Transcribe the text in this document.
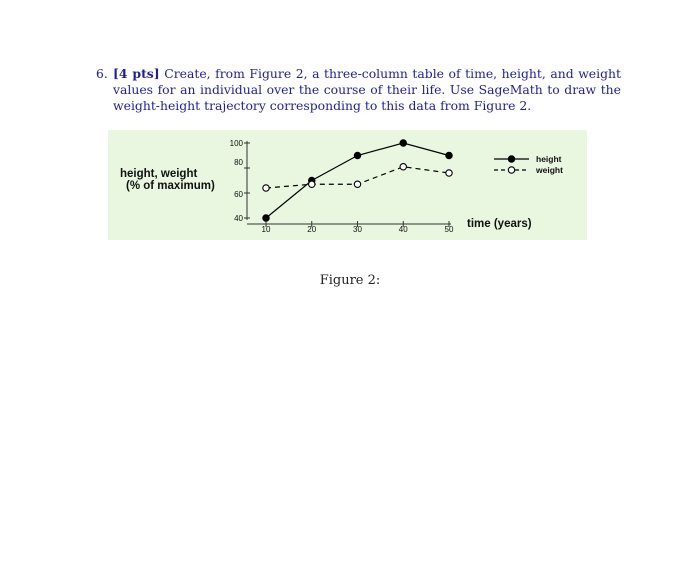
6. [4 pts] Create, from Figure 2, a three-column table of time, height, and weight values for an individual over the course of their life. Use SageMath to draw the weight-height trajectory corresponding to this data from Figure 2.
40
60
80
100
10	20	30	40	50
height, weight
(% of maximum)
time (years)
height
weight
Figure 2:
